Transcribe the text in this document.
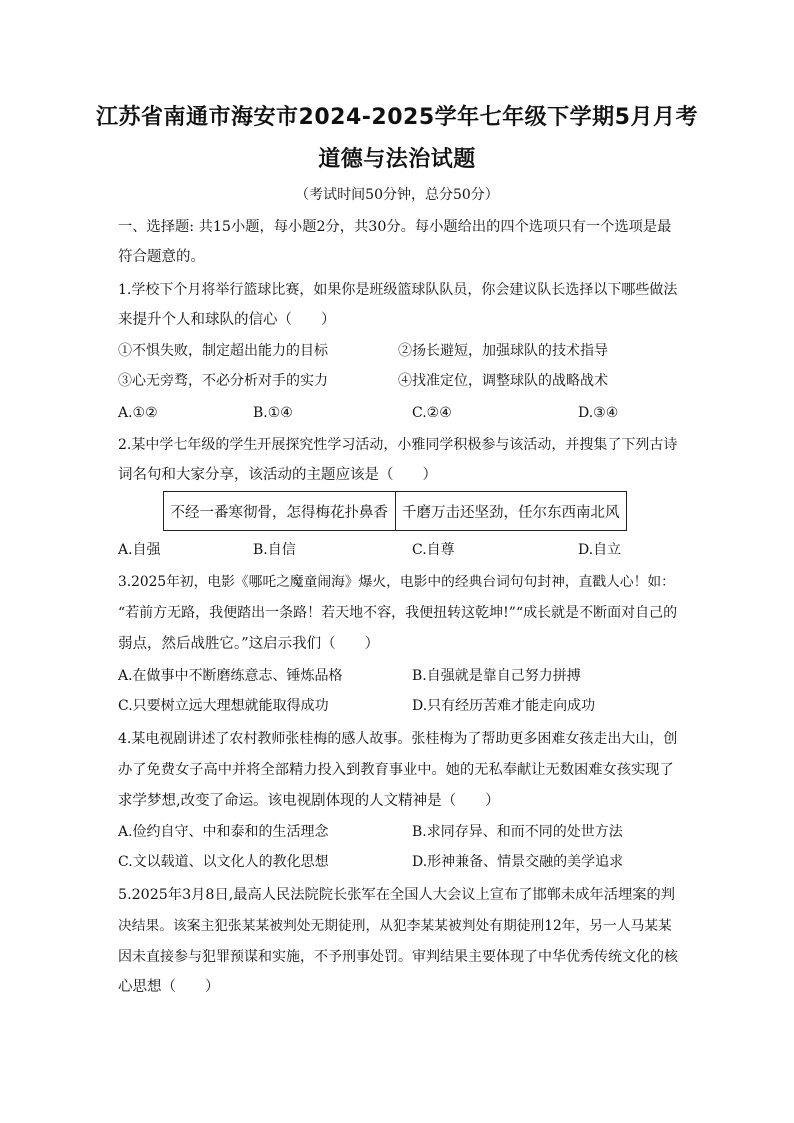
江苏省南通市海安市2024-2025学年七年级下学期5月月考
道德与法治试题
（考试时间50分钟，总分50分）
一、选择题: 共15小题，每小题2分，共30分。每小题给出的四个选项只有一个选项是最
符合题意的。
1.学校下个月将举行篮球比赛，如果你是班级篮球队队员，你会建议队长选择以下哪些做法
来提升个人和球队的信心（　　）
①不惧失败，制定超出能力的目标	②扬长避短，加强球队的技术指导
③心无旁骛，不必分析对手的实力	④找准定位，调整球队的战略战术
A.①②	B.①④	C.②④	D.③④
2.某中学七年级的学生开展探究性学习活动，小雅同学积极参与该活动，并搜集了下列古诗
词名句和大家分享，该活动的主题应该是（　　）
不经一番寒彻骨，怎得梅花扑鼻香 千磨万击还坚劲，任尔东西南北风
A.自强	B.自信	C.自尊	D.自立
3.2025年初，电影《哪吒之魔童闹海》爆火，电影中的经典台词句句封神，直戳人心！如：
“若前方无路，我便踏出一条路！若天地不容，我便扭转这乾坤!”“成长就是不断面对自己的
弱点，然后战胜它。”这启示我们（　　）
A.在做事中不断磨练意志、锤炼品格	B.自强就是靠自己努力拼搏
C.只要树立远大理想就能取得成功	D.只有经历苦难才能走向成功
4.某电视剧讲述了农村教师张桂梅的感人故事。张桂梅为了帮助更多困难女孩走出大山，创
办了免费女子高中并将全部精力投入到教育事业中。她的无私奉献让无数困难女孩实现了
求学梦想,改变了命运。该电视剧体现的人文精神是（　　）
A.俭约自守、中和泰和的生活理念	B.求同存异、和而不同的处世方法
C.文以载道、以文化人的教化思想	D.形神兼备、情景交融的美学追求
5.2025年3月8日,最高人民法院院长张军在全国人大会议上宣布了邯郸未成年活埋案的判
决结果。该案主犯张某某被判处无期徒刑，从犯李某某被判处有期徒刑12年，另一人马某某
因未直接参与犯罪预谋和实施，不予刑事处罚。审判结果主要体现了中华优秀传统文化的核
心思想（　　）
